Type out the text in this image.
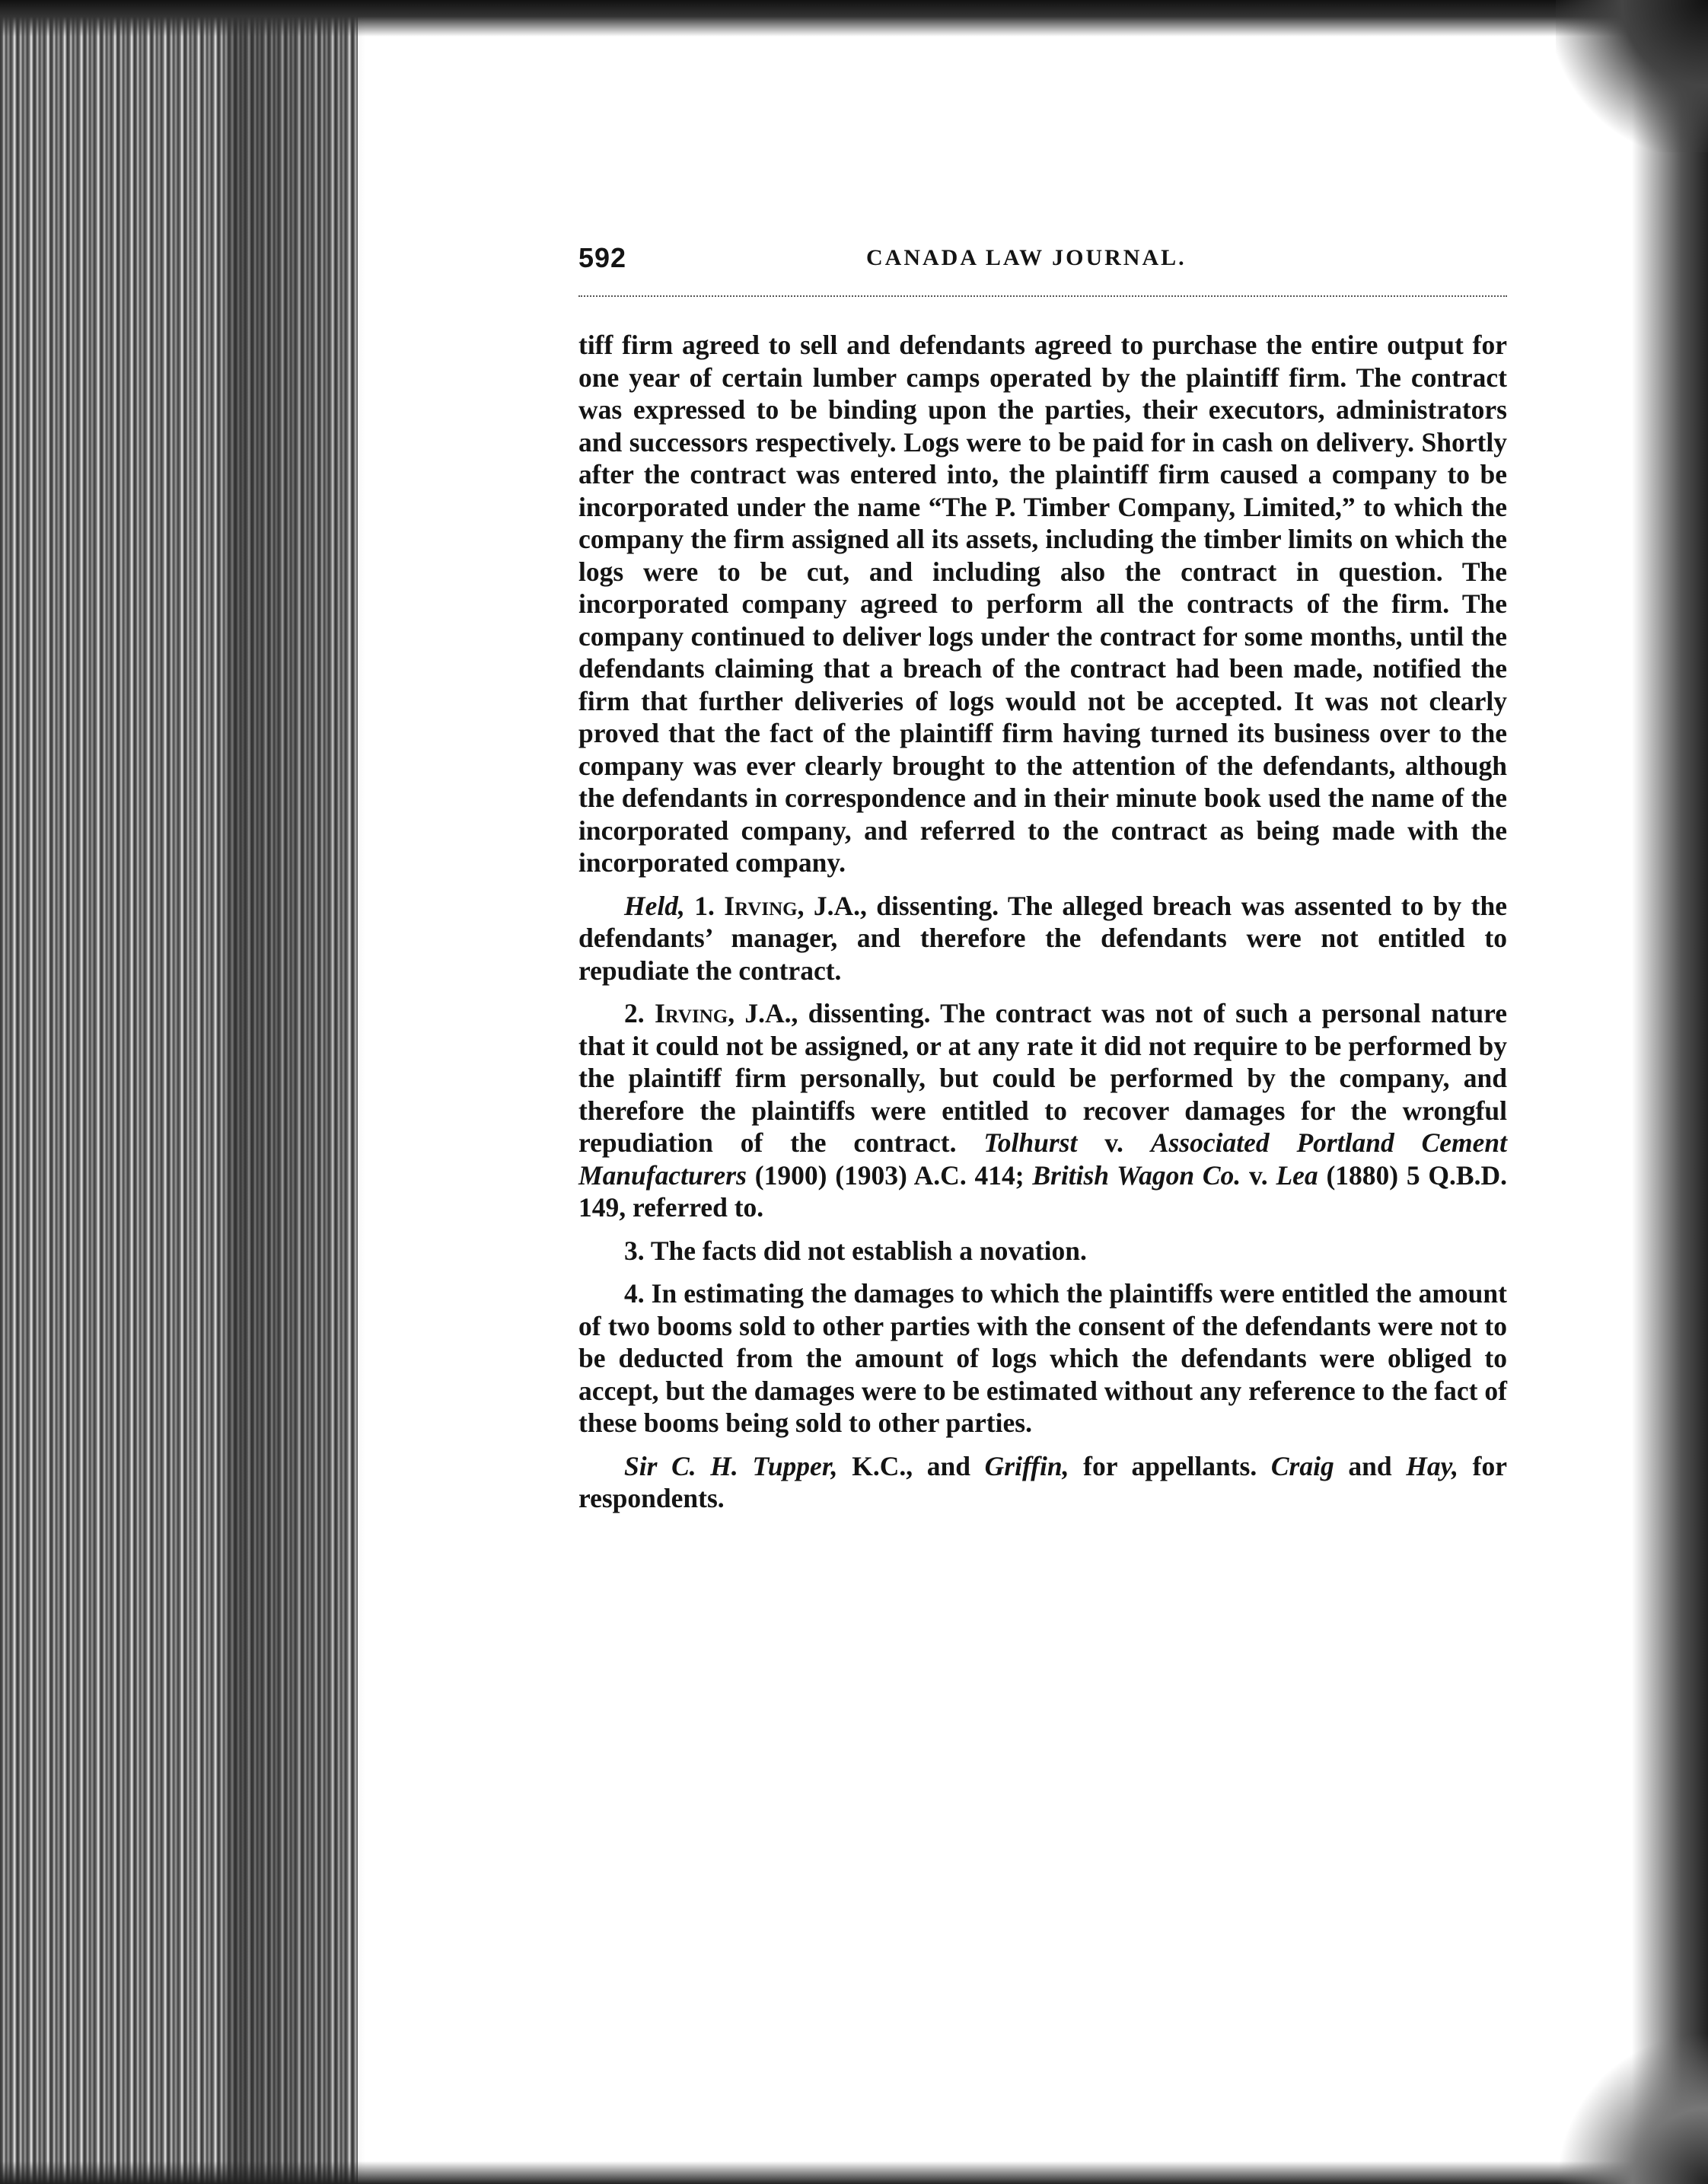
592	CANADA LAW JOURNAL.

tiff firm agreed to sell and defendants agreed to purchase the entire output for one year of certain lumber camps operated by the plaintiff firm. The contract was expressed to be binding upon the parties, their executors, administrators and successors respectively. Logs were to be paid for in cash on delivery. Shortly after the contract was entered into, the plaintiff firm caused a company to be incorporated under the name “The P. Timber Company, Limited,” to which the company the firm assigned all its assets, including the timber limits on which the logs were to be cut, and including also the contract in question. The incorporated company agreed to perform all the contracts of the firm. The company continued to deliver logs under the contract for some months, until the defendants claiming that a breach of the contract had been made, notified the firm that further deliveries of logs would not be accepted. It was not clearly proved that the fact of the plaintiff firm having turned its business over to the company was ever clearly brought to the attention of the defendants, although the defendants in correspondence and in their minute book used the name of the incorporated company, and referred to the contract as being made with the incorporated company.

Held, 1. Irving, J.A., dissenting. The alleged breach was assented to by the defendants’ manager, and therefore the defendants were not entitled to repudiate the contract.

2. Irving, J.A., dissenting. The contract was not of such a personal nature that it could not be assigned, or at any rate it did not require to be performed by the plaintiff firm personally, but could be performed by the company, and therefore the plaintiffs were entitled to recover damages for the wrongful repudiation of the contract. Tolhurst v. Associated Portland Cement Manufacturers (1900) (1903) A.C. 414; British Wagon Co. v. Lea (1880) 5 Q.B.D. 149, referred to.

3. The facts did not establish a novation.

4. In estimating the damages to which the plaintiffs were entitled the amount of two booms sold to other parties with the consent of the defendants were not to be deducted from the amount of logs which the defendants were obliged to accept, but the damages were to be estimated without any reference to the fact of these booms being sold to other parties.

Sir C. H. Tupper, K.C., and Griffin, for appellants. Craig and Hay, for respondents.
